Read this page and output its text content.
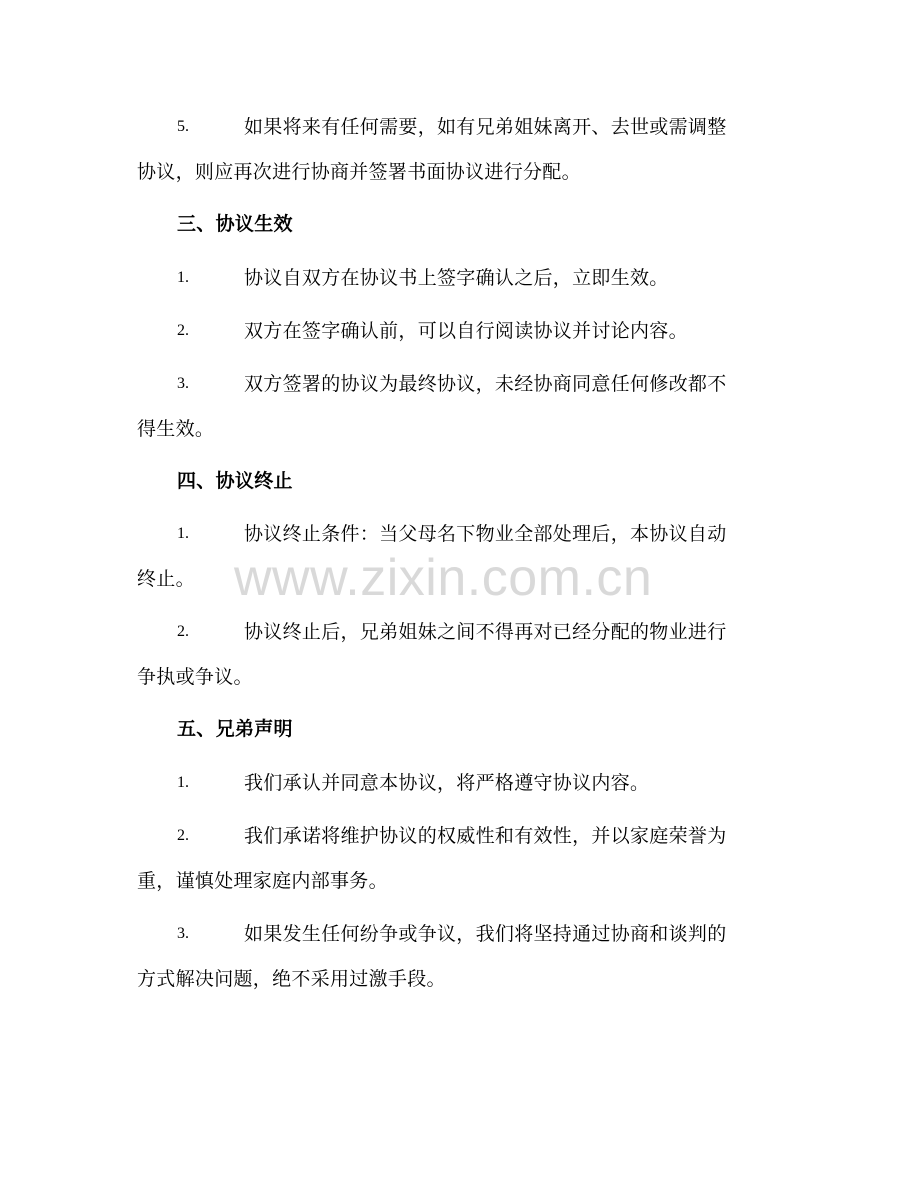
5.	如果将来有任何需要，如有兄弟姐妹离开、去世或需调整
协议，则应再次进行协商并签署书面协议进行分配。
三、协议生效
1.	协议自双方在协议书上签字确认之后，立即生效。
2.	双方在签字确认前，可以自行阅读协议并讨论内容。
3.	双方签署的协议为最终协议，未经协商同意任何修改都不
得生效。
四、协议终止
1.	协议终止条件：当父母名下物业全部处理后，本协议自动
终止。
2.	协议终止后，兄弟姐妹之间不得再对已经分配的物业进行
争执或争议。
五、兄弟声明
1.	我们承认并同意本协议，将严格遵守协议内容。
2.	我们承诺将维护协议的权威性和有效性，并以家庭荣誉为
重，谨慎处理家庭内部事务。
3.	如果发生任何纷争或争议，我们将坚持通过协商和谈判的
方式解决问题，绝不采用过激手段。
www.zixin.com.cn
